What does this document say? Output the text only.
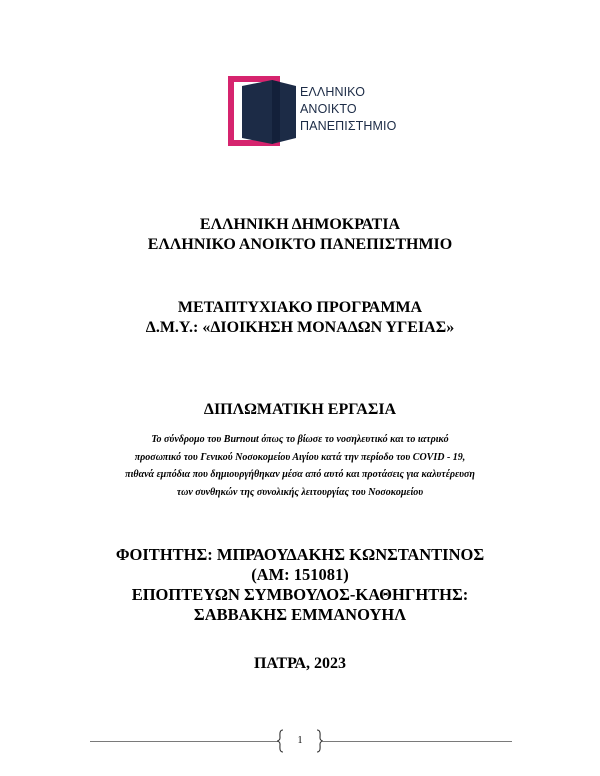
ΕΛΛΗΝΙΚΟ
ΑΝΟΙΚΤΟ
ΠΑΝΕΠΙΣΤΗΜΙΟ
ΕΛΛΗΝΙΚΗ ΔΗΜΟΚΡΑΤΙΑ
ΕΛΛΗΝΙΚΟ ΑΝΟΙΚΤΟ ΠΑΝΕΠΙΣΤΗΜΙΟ
ΜΕΤΑΠΤΥΧΙΑΚΟ ΠΡΟΓΡΑΜΜΑ
Δ.Μ.Υ.: «ΔΙΟΙΚΗΣΗ ΜΟΝΑΔΩΝ ΥΓΕΙΑΣ»
ΔΙΠΛΩΜΑΤΙΚΗ ΕΡΓΑΣΙΑ
Το σύνδρομο του Burnout όπως το βίωσε το νοσηλευτικό και το ιατρικό
προσωπικό του Γενικού Νοσοκομείου Αιγίου κατά την περίοδο του COVID - 19,
πιθανά εμπόδια που δημιουργήθηκαν μέσα από αυτό και προτάσεις για καλυτέρευση
των συνθηκών της συνολικής λειτουργίας του Νοσοκομείου
ΦΟΙΤΗΤΗΣ: ΜΠΡΑΟΥΔΑΚΗΣ ΚΩΝΣΤΑΝΤΙΝΟΣ
(ΑΜ: 151081)
ΕΠΟΠΤΕΥΩΝ ΣΥΜΒΟΥΛΟΣ-ΚΑΘΗΓΗΤΗΣ:
ΣΑΒΒΑΚΗΣ ΕΜΜΑΝΟΥΗΛ
ΠΑΤΡΑ, 2023
1
